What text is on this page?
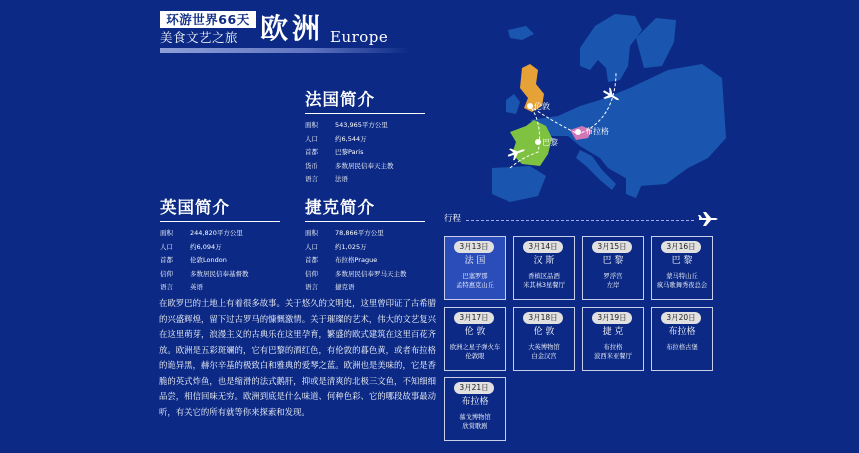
环游世界66天
美食文艺之旅 欧洲 Europe
伦敦
巴黎
布拉格
法国简介
面积	543,965平方公里
人口	约6,544万
首都	巴黎Paris
货币	多数居民信奉天主教
语言	法语
英国简介
面积	244,820平方公里
人口	约6,094万
首都	伦敦London
信仰	多数居民信奉基督教
语言	英语
捷克简介
面积	78,866平方公里
人口	约1,025万
首都	布拉格Prague
信仰	多数居民信奉罗马天主教
语言	捷克语
在欧罗巴的土地上有着很多故事。关于悠久的文明史，这里曾印证了古希腊的兴盛辉煌，留下过古罗马的慷慨激情。关于璀璨的艺术，伟大的文艺复兴在这里萌芽，浪漫主义的古典乐在这里孕育，繁盛的欧式建筑在这里百花齐放。欧洲是五彩斑斓的，它有巴黎的酒红色，有伦敦的暮色黄，或者布拉格的诡异黑，赫尔辛基的极致白和雅典的爱琴之蓝。欧洲也是美味的，它是香脆的英式炸鱼，也是缩滑的法式鹅肝，抑或是清爽的北极三文鱼，不知细细品尝，相信回味无穷。欧洲到底是什么味道、何种色彩、它的哪段故事最动听，有关它的所有就等你来探索和发现。
行程
3月13日
法 国
巴塞罗那
孟特惠克山丘
3月14日
汉 斯
香槟区品酒
米其林3星餐厅
3月15日
巴 黎
罗浮宫
左岸
3月16日
巴 黎
蒙马特山丘
疯马歌舞秀夜总会
3月17日
伦 敦
欧洲之星子弹火车
伦敦眼
3月18日
伦 敦
大英博物馆
白金汉宫
3月19日
捷 克
布拉格
波西米亚餐厅
3月20日
布拉格
布拉格古堡
3月21日
布拉格
慕戈博物馆
欣赏歌剧
